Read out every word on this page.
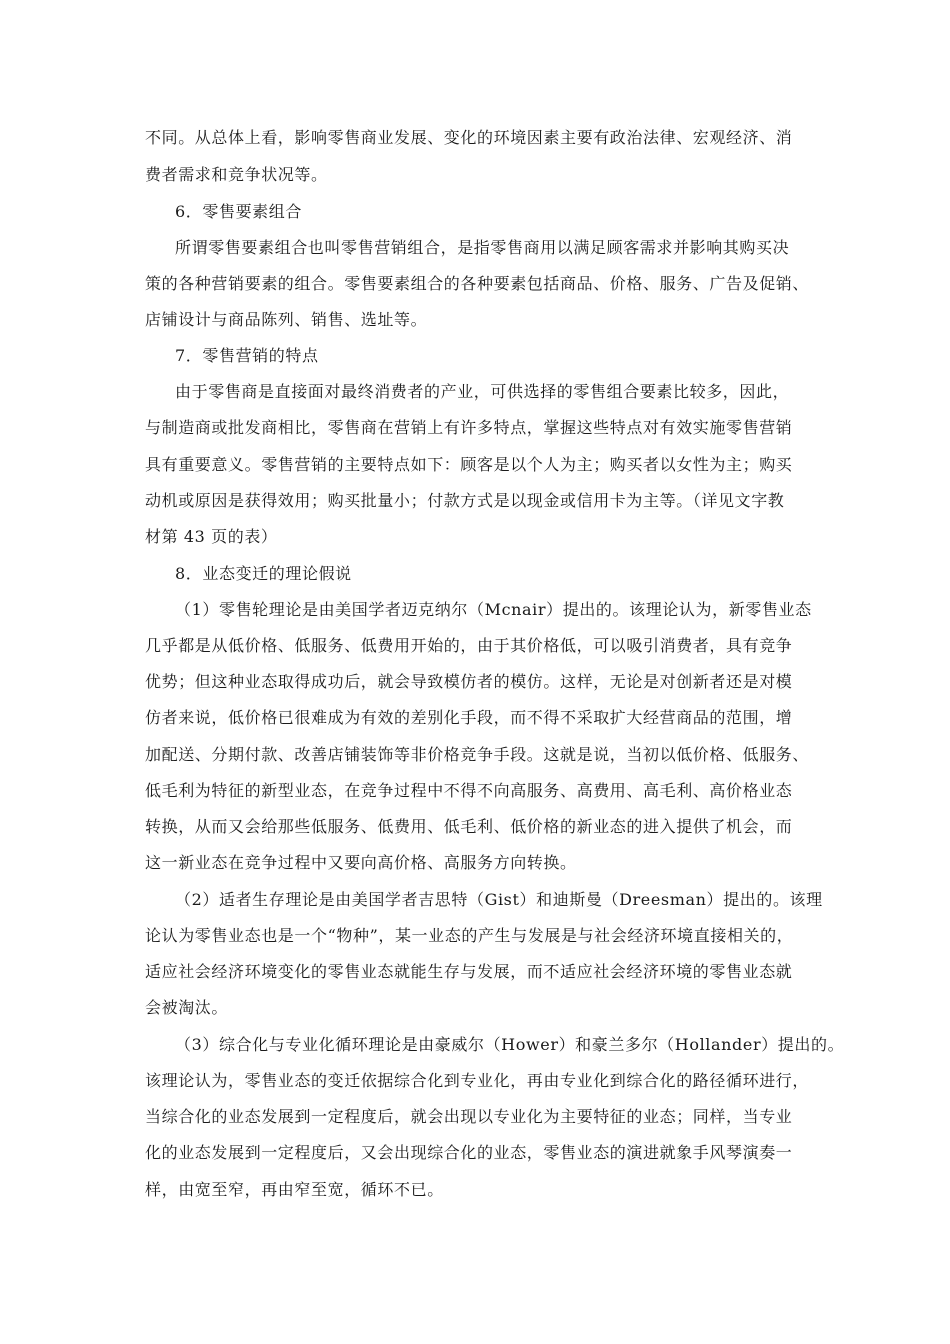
不同。从总体上看，影响零售商业发展、变化的环境因素主要有政治法律、宏观经济、消
费者需求和竞争状况等。
6．零售要素组合
所谓零售要素组合也叫零售营销组合，是指零售商用以满足顾客需求并影响其购买决
策的各种营销要素的组合。零售要素组合的各种要素包括商品、价格、服务、广告及促销、
店铺设计与商品陈列、销售、选址等。
7．零售营销的特点
由于零售商是直接面对最终消费者的产业，可供选择的零售组合要素比较多，因此，
与制造商或批发商相比，零售商在营销上有许多特点，掌握这些特点对有效实施零售营销
具有重要意义。零售营销的主要特点如下：顾客是以个人为主；购买者以女性为主；购买
动机或原因是获得效用；购买批量小；付款方式是以现金或信用卡为主等。（详见文字教
材第 43 页的表）
8．业态变迁的理论假说
（1）零售轮理论是由美国学者迈克纳尔（Mcnair）提出的。该理论认为，新零售业态
几乎都是从低价格、低服务、低费用开始的，由于其价格低，可以吸引消费者，具有竞争
优势；但这种业态取得成功后，就会导致模仿者的模仿。这样，无论是对创新者还是对模
仿者来说，低价格已很难成为有效的差别化手段，而不得不采取扩大经营商品的范围，增
加配送、分期付款、改善店铺装饰等非价格竞争手段。这就是说，当初以低价格、低服务、
低毛利为特征的新型业态，在竞争过程中不得不向高服务、高费用、高毛利、高价格业态
转换，从而又会给那些低服务、低费用、低毛利、低价格的新业态的进入提供了机会，而
这一新业态在竞争过程中又要向高价格、高服务方向转换。
（2）适者生存理论是由美国学者吉思特（Gist）和迪斯曼（Dreesman）提出的。该理
论认为零售业态也是一个“物种”，某一业态的产生与发展是与社会经济环境直接相关的，
适应社会经济环境变化的零售业态就能生存与发展，而不适应社会经济环境的零售业态就
会被淘汰。
（3）综合化与专业化循环理论是由豪威尔（Hower）和豪兰多尔（Hollander）提出的。
该理论认为，零售业态的变迁依据综合化到专业化，再由专业化到综合化的路径循环进行，
当综合化的业态发展到一定程度后，就会出现以专业化为主要特征的业态；同样，当专业
化的业态发展到一定程度后，又会出现综合化的业态，零售业态的演进就象手风琴演奏一
样，由宽至窄，再由窄至宽，循环不已。
